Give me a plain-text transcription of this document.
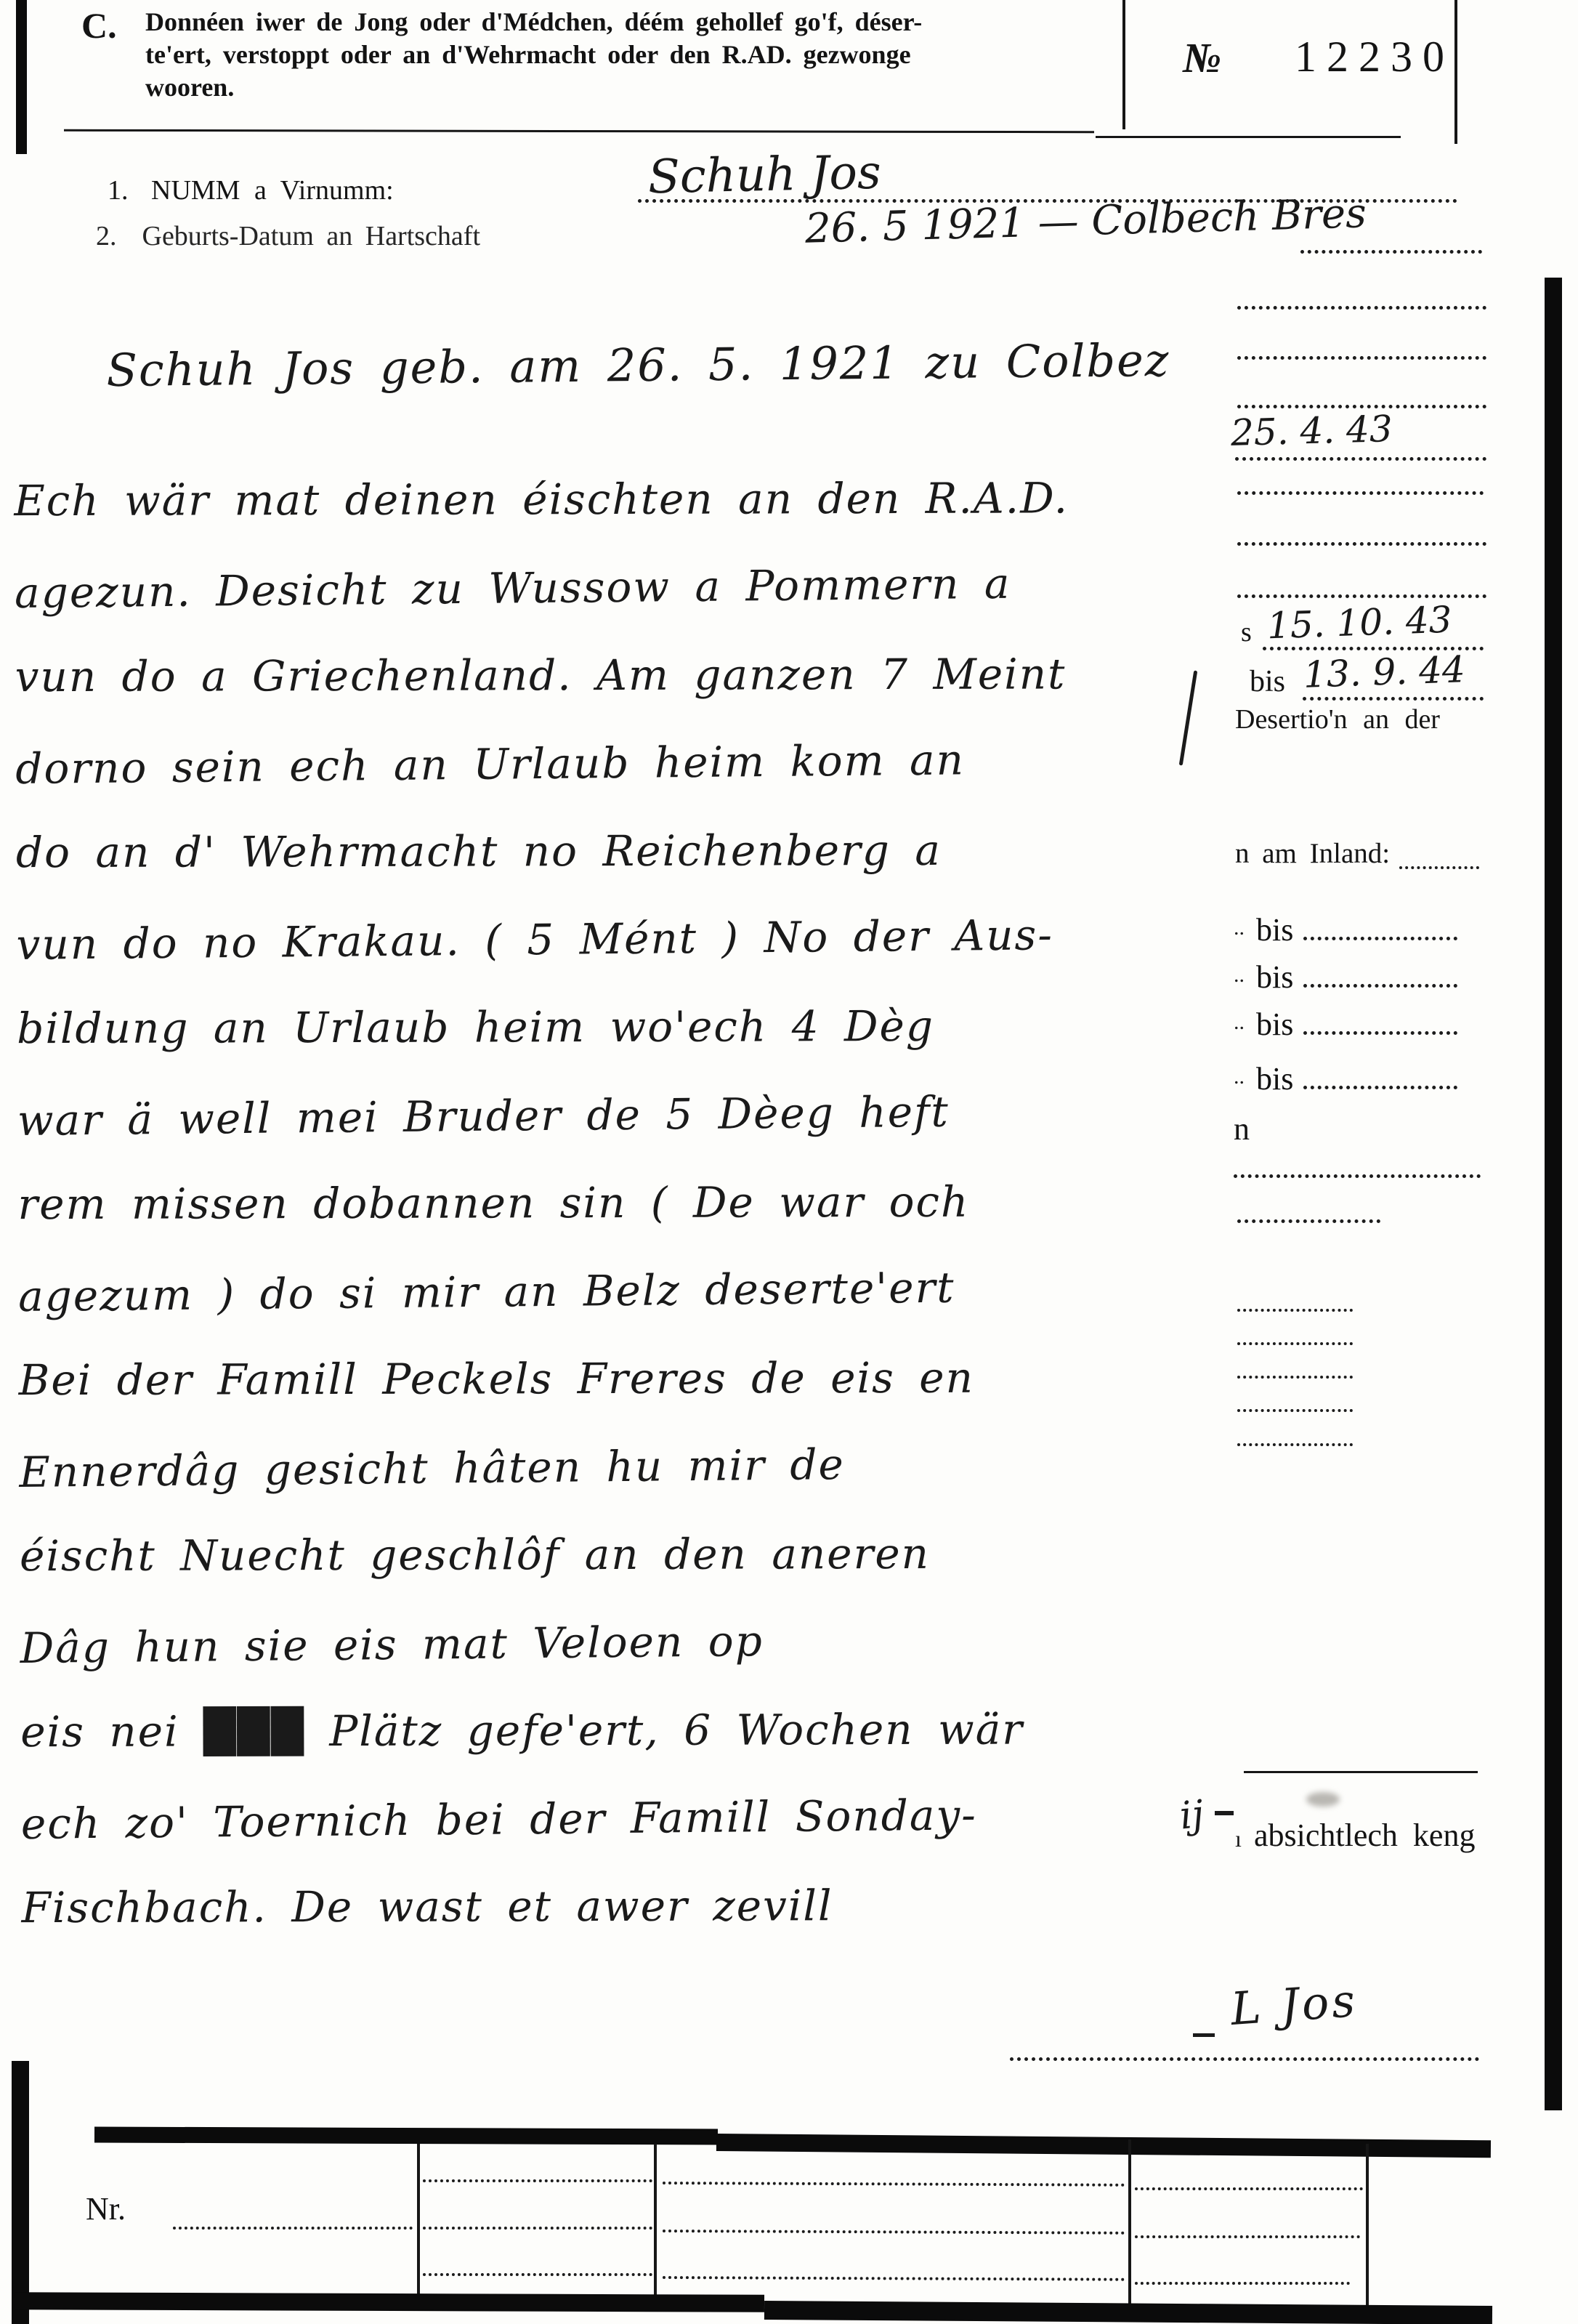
C. Donnéen iwer de Jong oder d'Médchen, déém gehollef go'f, déser-
te'ert, verstoppt oder an d'Wehrmacht oder den R.AD. gezwonge
wooren.
№ 12230
1. NUMM a Virnumm:	Schuh Jos
2. Geburts-Datum an Hartschaft	26. 5 1921 — Colbech Bres
Schuh Jos geb. am 26. 5. 1921 zu Colbez
Ech wär mat deinen éischten an den R.A.D.
agezun. Desicht zu Wussow a Pommern a
vun do a Griechenland. Am ganzen 7 Meint
dorno sein ech an Urlaub heim kom an
do an d' Wehrmacht no Reichenberg a
vun do no Krakau. ( 5 Mént ) No der Aus-
bildung an Urlaub heim wo'ech 4 Dèg
war ä well mei Bruder de 5 Dèeg heft
rem missen dobannen sin ( De war och
agezum ) do si mir an Belz deserte'ert
Bei der Famill Peckels Freres de eis en
Ennerdâg gesicht hâten hu mir de
éischt Nuecht geschlôf an den aneren
Dâg hun sie eis mat Veloen op
eis nei ███ Plätz gefe'ert, 6 Wochen wär
ech zo' Toernich bei der Famill Sonday-
Fischbach. De wast et awer zevill
25. 4. 43
s 15. 10. 43
bis 13. 9. 44
Desertio'n an der
n am Inland:
.. bis
.. bis
.. bis
.. bis
n
ij
ı absichtlech keng
L Jos
Nr.
